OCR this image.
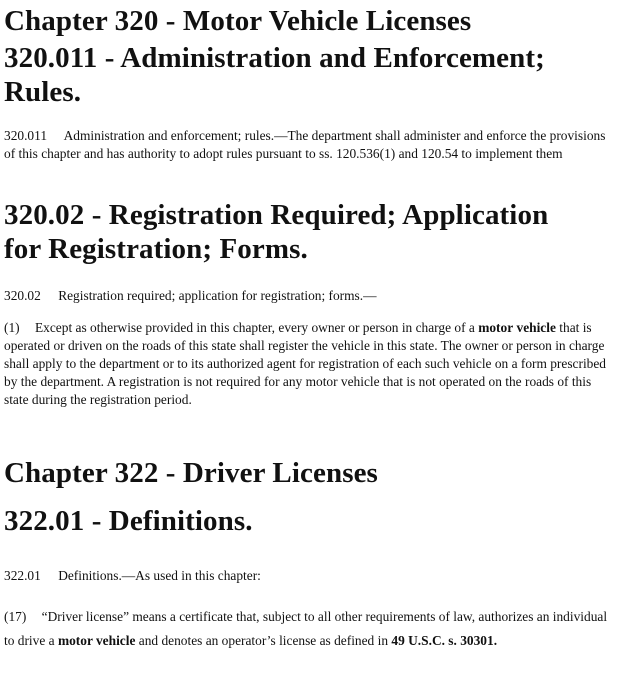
Chapter 320 - Motor Vehicle Licenses
320.011 - Administration and Enforcement;
Rules.

320.011 Administration and enforcement; rules.—The department shall administer and enforce the provisions of this chapter and has authority to adopt rules pursuant to ss. 120.536(1) and 120.54 to implement them

320.02 - Registration Required; Application
for Registration; Forms.

320.02 Registration required; application for registration; forms.—

(1) Except as otherwise provided in this chapter, every owner or person in charge of a motor vehicle that is operated or driven on the roads of this state shall register the vehicle in this state. The owner or person in charge shall apply to the department or to its authorized agent for registration of each such vehicle on a form prescribed by the department. A registration is not required for any motor vehicle that is not operated on the roads of this state during the registration period.

Chapter 322 - Driver Licenses
322.01 - Definitions.

322.01 Definitions.—As used in this chapter:

(17) “Driver license” means a certificate that, subject to all other requirements of law, authorizes an individual to drive a motor vehicle and denotes an operator’s license as defined in 49 U.S.C. s. 30301.
